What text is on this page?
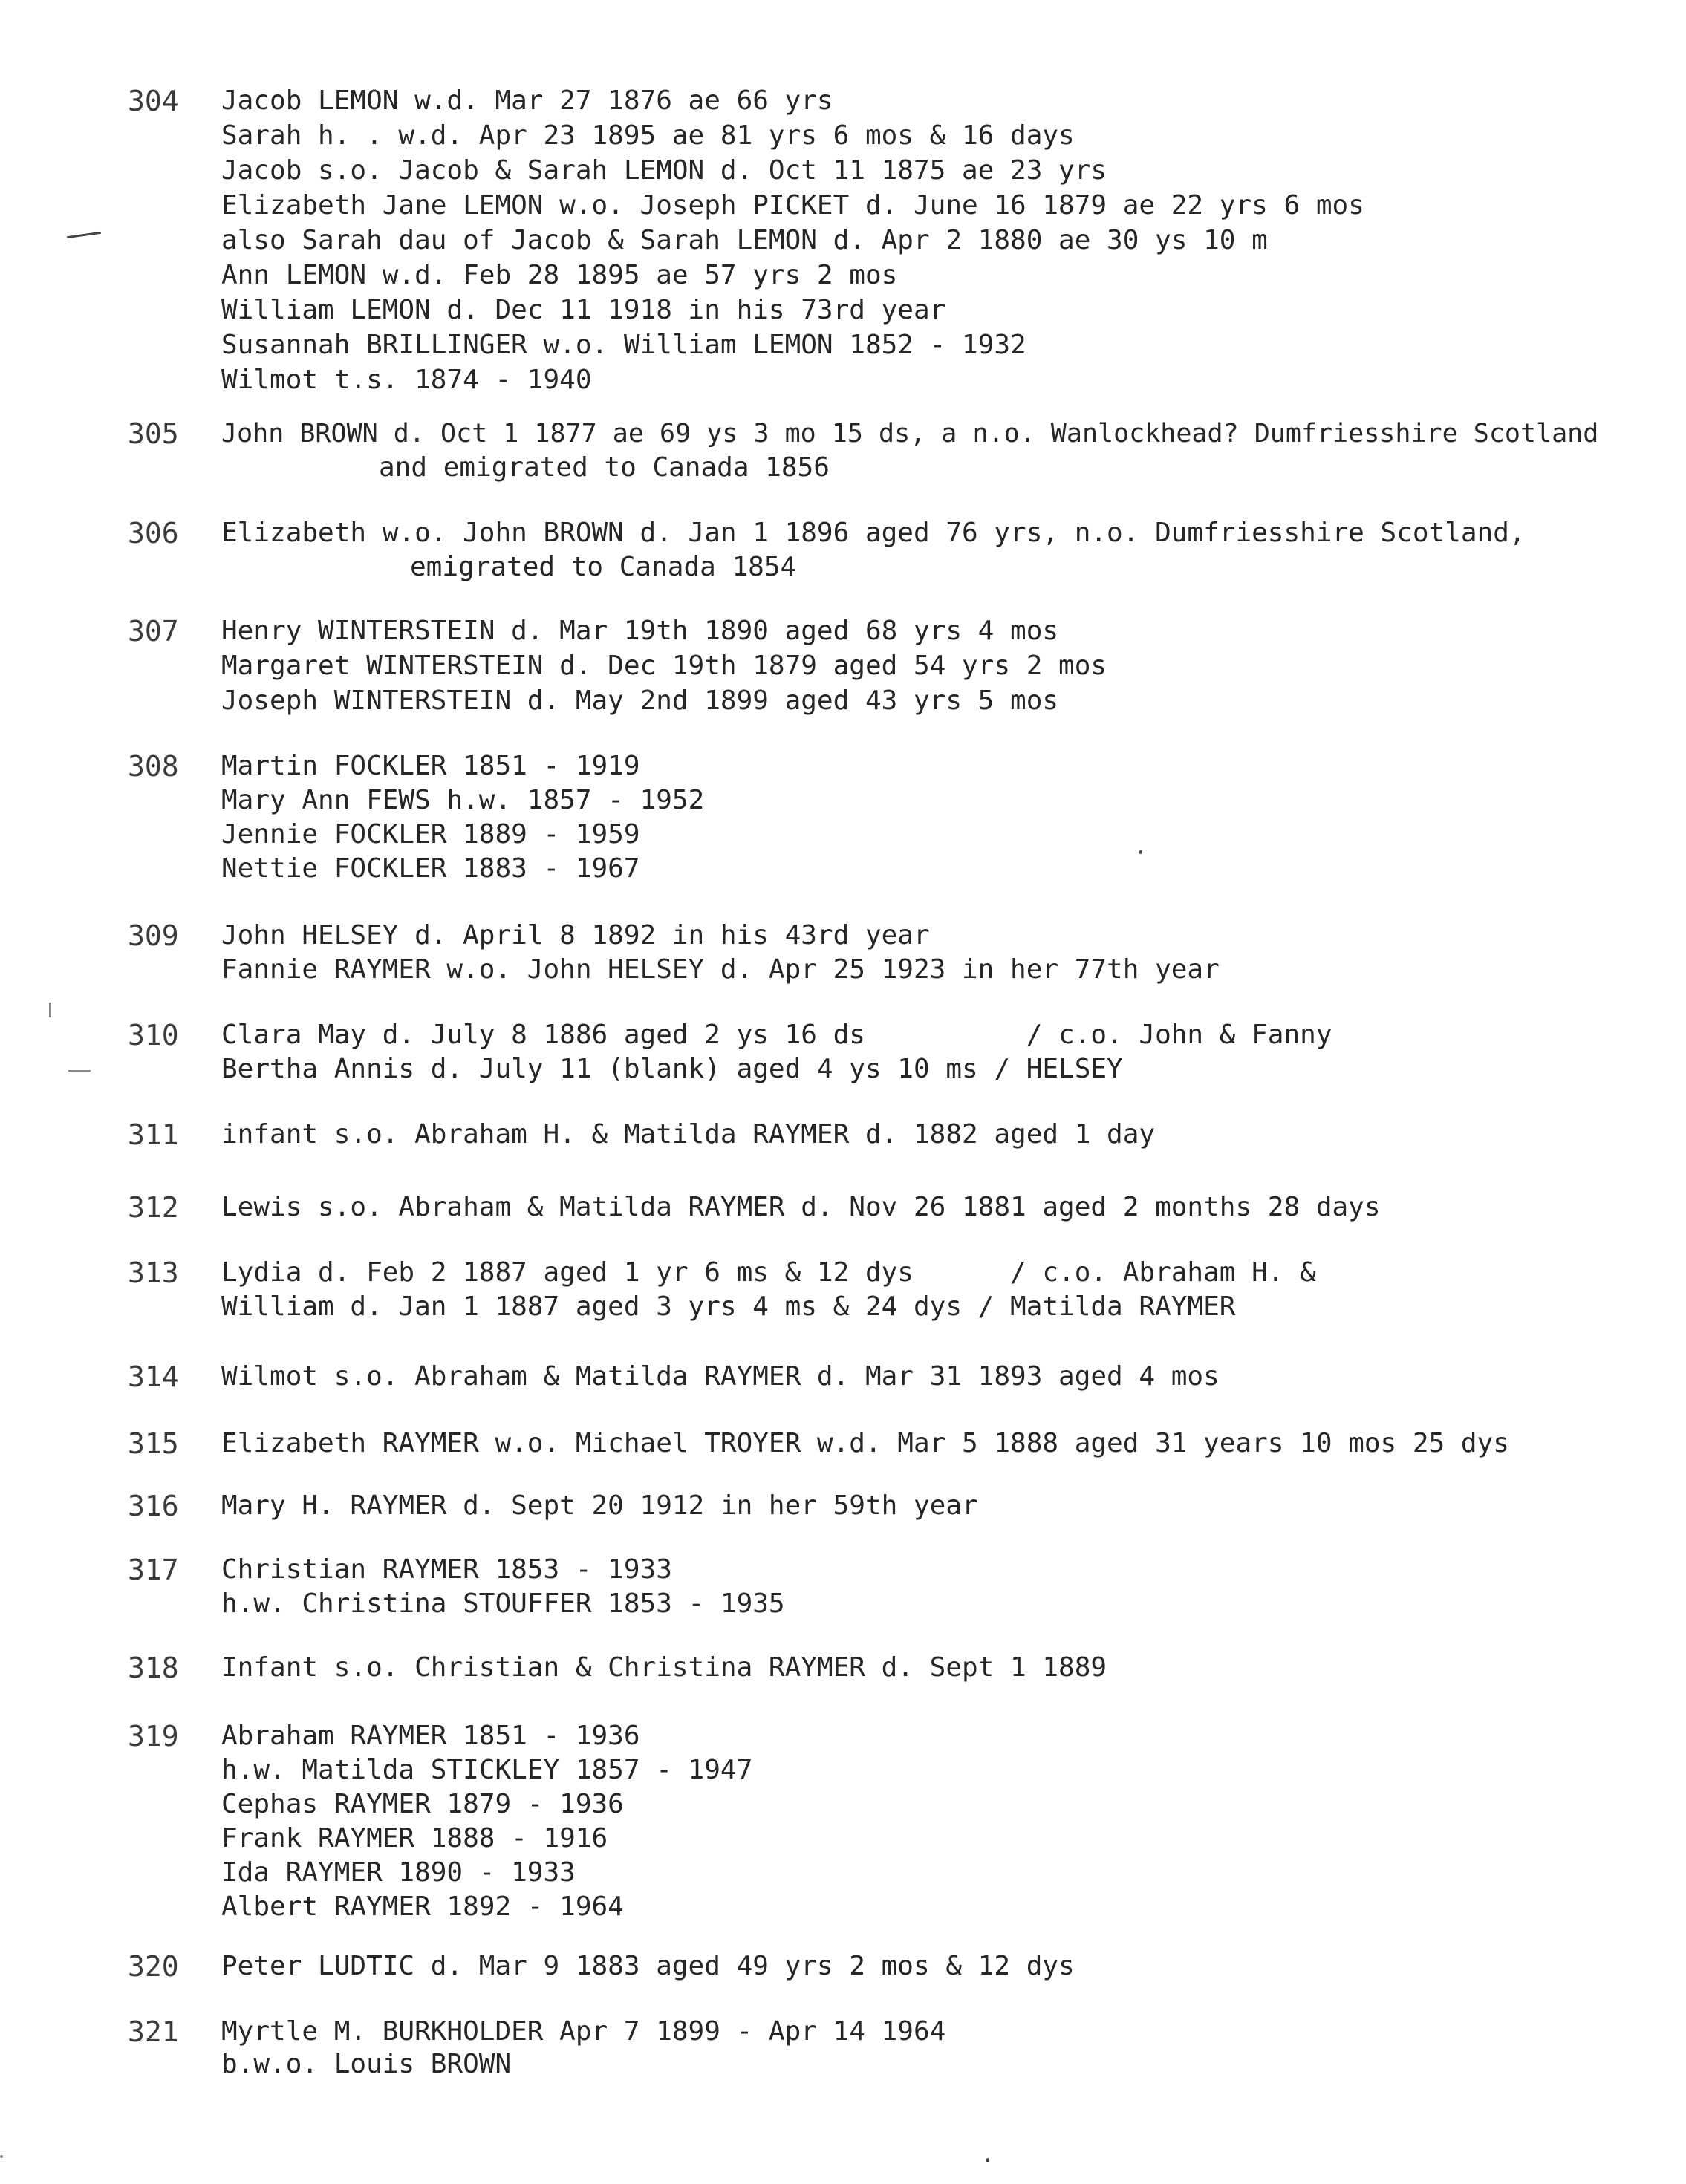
304 Jacob LEMON w.d. Mar 27 1876 ae 66 yrs
Sarah h. . w.d. Apr 23 1895 ae 81 yrs 6 mos & 16 days
Jacob s.o. Jacob & Sarah LEMON d. Oct 11 1875 ae 23 yrs
Elizabeth Jane LEMON w.o. Joseph PICKET d. June 16 1879 ae 22 yrs 6 mos
also Sarah dau of Jacob & Sarah LEMON d. Apr 2 1880 ae 30 ys 10 m
Ann LEMON w.d. Feb 28 1895 ae 57 yrs 2 mos
William LEMON d. Dec 11 1918 in his 73rd year
Susannah BRILLINGER w.o. William LEMON 1852 - 1932
Wilmot t.s. 1874 - 1940
305 John BROWN d. Oct 1 1877 ae 69 ys 3 mo 15 ds, a n.o. Wanlockhead? Dumfriesshire Scotland
and emigrated to Canada 1856
306 Elizabeth w.o. John BROWN d. Jan 1 1896 aged 76 yrs, n.o. Dumfriesshire Scotland,
emigrated to Canada 1854
307 Henry WINTERSTEIN d. Mar 19th 1890 aged 68 yrs 4 mos
Margaret WINTERSTEIN d. Dec 19th 1879 aged 54 yrs 2 mos
Joseph WINTERSTEIN d. May 2nd 1899 aged 43 yrs 5 mos
308 Martin FOCKLER 1851 - 1919
Mary Ann FEWS h.w. 1857 - 1952
Jennie FOCKLER 1889 - 1959
Nettie FOCKLER 1883 - 1967
309 John HELSEY d. April 8 1892 in his 43rd year
Fannie RAYMER w.o. John HELSEY d. Apr 25 1923 in her 77th year
310 Clara May d. July 8 1886 aged 2 ys 16 ds          / c.o. John & Fanny
Bertha Annis d. July 11 (blank) aged 4 ys 10 ms / HELSEY
311 infant s.o. Abraham H. & Matilda RAYMER d. 1882 aged 1 day
312 Lewis s.o. Abraham & Matilda RAYMER d. Nov 26 1881 aged 2 months 28 days
313 Lydia d. Feb 2 1887 aged 1 yr 6 ms & 12 dys      / c.o. Abraham H. &
William d. Jan 1 1887 aged 3 yrs 4 ms & 24 dys / Matilda RAYMER
314 Wilmot s.o. Abraham & Matilda RAYMER d. Mar 31 1893 aged 4 mos
315 Elizabeth RAYMER w.o. Michael TROYER w.d. Mar 5 1888 aged 31 years 10 mos 25 dys
316 Mary H. RAYMER d. Sept 20 1912 in her 59th year
317 Christian RAYMER 1853 - 1933
h.w. Christina STOUFFER 1853 - 1935
318 Infant s.o. Christian & Christina RAYMER d. Sept 1 1889
319 Abraham RAYMER 1851 - 1936
h.w. Matilda STICKLEY 1857 - 1947
Cephas RAYMER 1879 - 1936
Frank RAYMER 1888 - 1916
Ida RAYMER 1890 - 1933
Albert RAYMER 1892 - 1964
320 Peter LUDTIC d. Mar 9 1883 aged 49 yrs 2 mos & 12 dys
321 Myrtle M. BURKHOLDER Apr 7 1899 - Apr 14 1964
b.w.o. Louis BROWN
